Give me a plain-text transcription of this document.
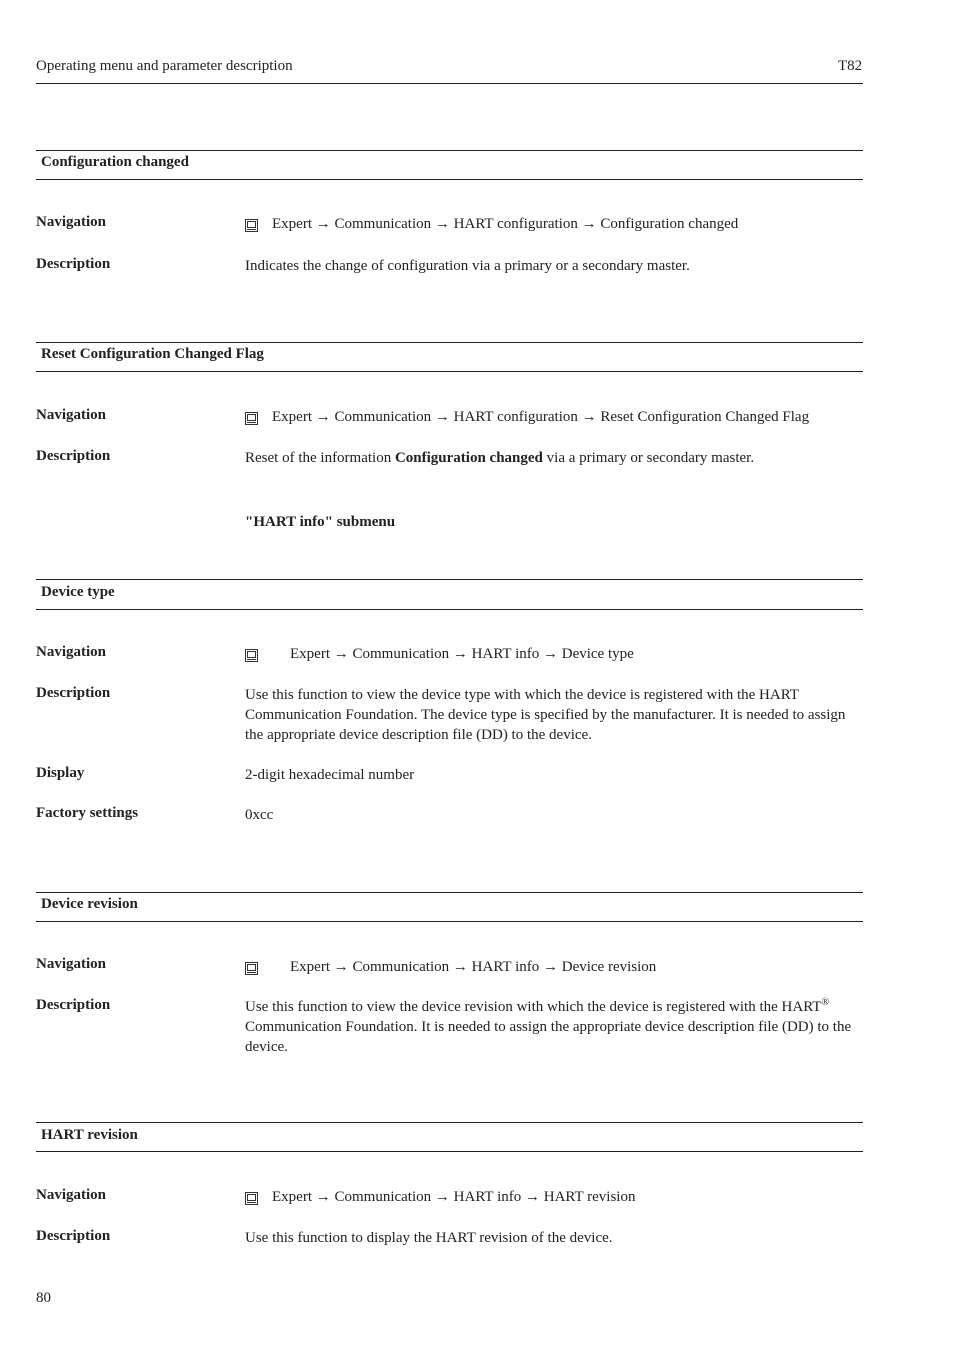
Operating menu and parameter description	T82
Configuration changed
Navigation	Expert → Communication → HART configuration → Configuration changed
Description	Indicates the change of configuration via a primary or a secondary master.
Reset Configuration Changed Flag
Navigation	Expert → Communication → HART configuration → Reset Configuration Changed Flag
Description	Reset of the information Configuration changed via a primary or secondary master.
"HART info" submenu
Device type
Navigation	Expert → Communication → HART info → Device type
Description	Use this function to view the device type with which the device is registered with the HART Communication Foundation. The device type is specified by the manufacturer. It is needed to assign the appropriate device description file (DD) to the device.
Display	2-digit hexadecimal number
Factory settings	0xcc
Device revision
Navigation	Expert → Communication → HART info → Device revision
Description	Use this function to view the device revision with which the device is registered with the HART® Communication Foundation. It is needed to assign the appropriate device description file (DD) to the device.
HART revision
Navigation	Expert → Communication → HART info → HART revision
Description	Use this function to display the HART revision of the device.
80
